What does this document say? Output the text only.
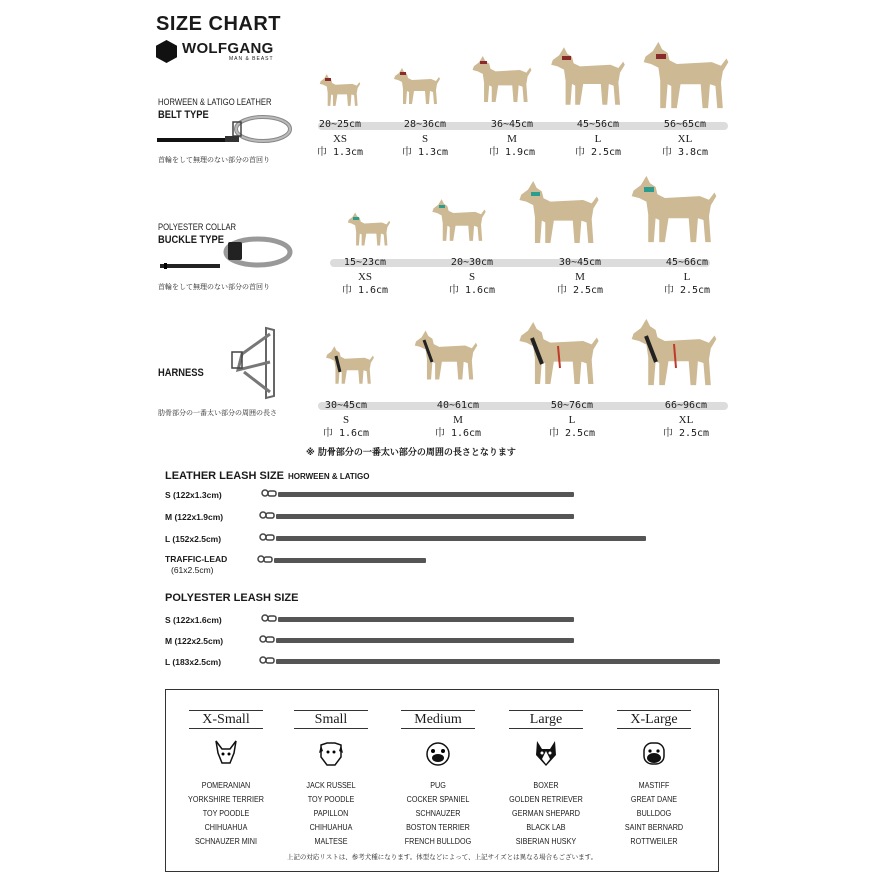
SIZE CHART
WOLFGANG
MAN & BEAST
HORWEEN & LATIGO LEATHER
BELT TYPE
首輪をして無理のない部分の首回り
POLYESTER COLLAR
BUCKLE TYPE
首輪をして無理のない部分の首回り
HARNESS
肋骨部分の一番太い部分の周囲の長さ
20~25cm
XS
巾 1.3cm
28~36cm
S
巾 1.3cm
36~45cm
M
巾 1.9cm
45~56cm
L
巾 2.5cm
56~65cm
XL
巾 3.8cm
15~23cm
XS
巾 1.6cm
20~30cm
S
巾 1.6cm
30~45cm
M
巾 2.5cm
45~66cm
L
巾 2.5cm
30~45cm
S
巾 1.6cm
40~61cm
M
巾 1.6cm
50~76cm
L
巾 2.5cm
66~96cm
XL
巾 2.5cm
※ 肋骨部分の一番太い部分の周囲の長さとなります
LEATHER LEASH SIZE HORWEEN & LATIGO
S (122x1.3cm)
M (122x1.9cm)
L (152x2.5cm)
TRAFFIC-LEAD
(61x2.5cm)
POLYESTER LEASH SIZE
S (122x1.6cm)
M (122x2.5cm)
L (183x2.5cm)
X-Small
POMERANIAN
YORKSHIRE TERRIER
TOY POODLE
CHIHUAHUA
SCHNAUZER MINI
Small
JACK RUSSEL
TOY POODLE
PAPILLON
CHIHUAHUA
MALTESE
Medium
PUG
COCKER SPANIEL
SCHNAUZER
BOSTON TERRIER
FRENCH BULLDOG
Large
BOXER
GOLDEN RETRIEVER
GERMAN SHEPARD
BLACK LAB
SIBERIAN HUSKY
X-Large
MASTIFF
GREAT DANE
BULLDOG
SAINT BERNARD
ROTTWEILER
上記の対応リストは、参考犬種になります。体型などによって、上記サイズとは異なる場合もございます。
